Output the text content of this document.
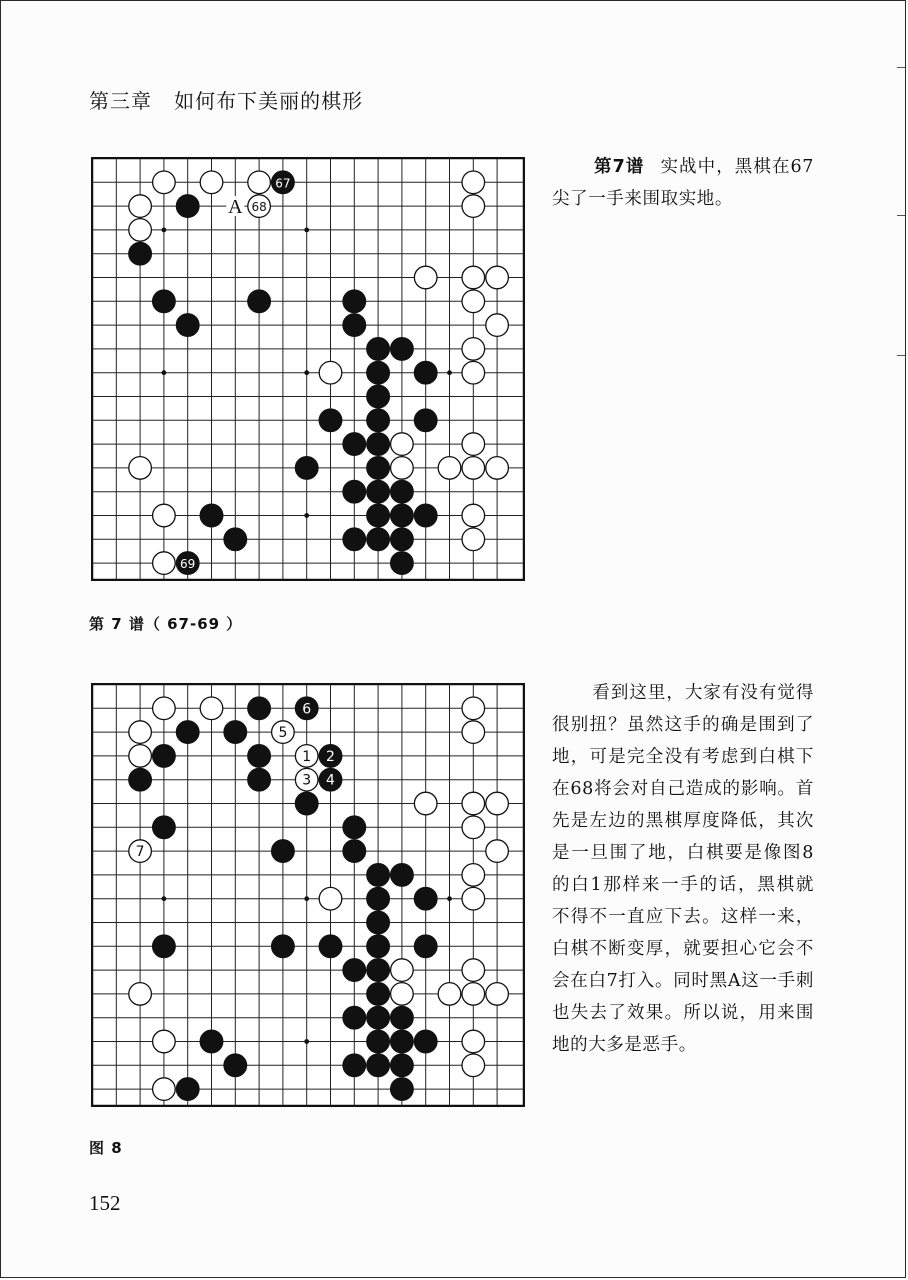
第三章 如何布下美丽的棋形
67
68
69
A
第 7 谱（ 67-69 ）
第7谱 实战中，黑棋在67尖了一手来围取实地。
6
5
1 2
3 4
7
图 8
看到这里，大家有没有觉得很别扭？虽然这手的确是围到了地，可是完全没有考虑到白棋下在68将会对自己造成的影响。首先是左边的黑棋厚度降低，其次是一旦围了地，白棋要是像图8的白1那样来一手的话，黑棋就不得不一直应下去。这样一来，白棋不断变厚，就要担心它会不会在白7打入。同时黑A这一手刺也失去了效果。所以说，用来围地的大多是恶手。
152
